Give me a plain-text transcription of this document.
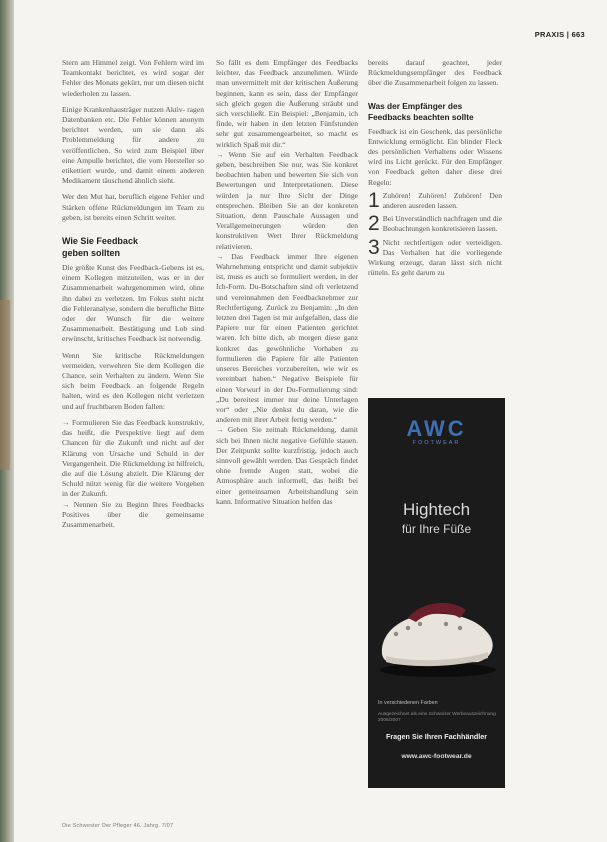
PRAXIS | 663

Stern am Himmel zeigt. Von Fehlern wird im Teamkontakt berichtet, es wird sogar der Fehler des Monats gekürt, nur um diesen nicht wiederholen zu lassen.

Einige Krankenhausträger nutzen Aktiv- ragen Datenbanken etc. Die Fehler können anonym berichtet werden, um sie dann als Problemmeldung für andere zu veröffentlichen. So wird zum Beispiel über eine Ampulle berichtet, die vom Hersteller so etikettiert wurde, und damit einem anderen Medikament täuschend ähnlich sieht.

Wer den Mut hat, beruflich eigene Fehler und Stärken offene Rückmeldungen im Team zu geben, ist bereits einen Schritt weiter.

Wie Sie Feedback
geben sollten

Die größte Kunst des Feedback-Gebens ist es, einem Kollegen mitzuteilen, was er in der Zusammenarbeit wahrgenommen wird, ohne ihn dabei zu verletzen. Im Fokus steht nicht die Fehleranalyse, sondern die berufliche Bitte oder der Wunsch für die weitere Zusammenarbeit. Bestätigung und Lob sind erwünscht, kritisches Feedback ist notwendig.

Wenn Sie kritische Rückmeldungen vermeiden, verwehren Sie dem Kollegen die Chance, sein Verhalten zu ändern. Wenn Sie sich beim Feedback an folgende Regeln halten, wird es den Kollegen nicht verletzen und auf fruchtbaren Boden fallen:

→ Formulieren Sie das Feedback konstruktiv, das heißt, die Perspektive liegt auf dem Chancen für die Zukunft und nicht auf der Klärung von Ursache und Schuld in der Vergangenheit. Die Rückmeldung ist hilfreich, die auf die Lösung abzielt. Die Klärung der Schuld nützt wenig für die weitere Vorgehen in der Zukunft.

→ Nennen Sie zu Beginn Ihres Feedbacks Positives über die gemeinsame Zusammenarbeit.

So fällt es dem Empfänger des Feedbacks leichter, das Feedback anzunehmen. Würde man unvermittelt mit der kritischen Äußerung beginnen, kann es sein, dass der Empfänger sich gleich gegen die Äußerung sträubt und sich verschließt. Ein Beispiel: „Benjamin, ich finde, wir haben in den letzten Fünfstunden sehr gut zusammengearbeitet, so macht es wirklich Spaß mit dir.“

→ Wenn Sie auf ein Verhalten Feedback geben, beschreiben Sie nur, was Sie konkret beobachten haben und bewerten Sie sich von Bewertungen und Interpretationen. Diese würden ja nur Ihre Sicht der Dinge entsprechen. Bleiben Sie an der konkreten Situation, denn Pauschale Aussagen und Verallgemeinerungen würden den konstruktiven Wert Ihrer Rückmeldung relativieren.

→ Das Feedback immer Ihre eigenen Wahrnehmung entspricht und damit subjektiv ist, muss es auch so formuliert werden, in der Ich-Form. Du-Botschaften sind oft verletzend und vereinnahmen den Feedbacknehmer zur Rechtfertigung. Zurück zu Benjamin: „In den letzten drei Tagen ist mir aufgefallen, dass die Papiere nur für einen Patienten gerichtet waren. Ich bitte dich, ab morgen diese ganz konkret das gewöhnliche Vorhaben zu formulieren die Papiere für alle Patienten unseres Bereiches vorzubereiten, wie wir es vereinbart haben.“ Negative Beispiele für einen Vorwurf in der Du-Formulierung sind: „Du bereitest immer nur deine Unterlagen vor“ oder „Nie denkst du daran, wie die anderen mit ihrer Arbeit fertig werden.“

→ Geben Sie zeitnah Rückmeldung, damit sich bei Ihnen nicht negative Gefühle stauen. Der Zeitpunkt sollte kurzfristig, jedoch auch sinnvoll gewählt werden. Das Gespräch findet ohne fremde Augen statt, wobei die Atmosphäre auch informell, das heißt bei einer gemeinsamen Arbeitshandlung sein kann. Informative Situation helfen das

bereits darauf geachtet, jeder Rückmeldungsempfänger des Feedback über die Zusammenarbeit folgen zu lassen.

Was der Empfänger des
Feedbacks beachten sollte

Feedback ist ein Geschenk, das persönliche Entwicklung ermöglicht. Ein blinder Fleck des persönlichen Verhaltens oder Wissens wird ins Licht gerückt. Für den Empfänger von Feedback gelten daher diese drei Regeln:

1 Zuhören! Zuhören! Zuhören! Den anderen ausreden lassen.
2 Bei Unverständlich nachfragen und die Beobachtungen konkretisieren lassen.
3 Nicht rechtfertigen oder verteidigen. Das Verhalten hat die vorliegende Wirkung erzeugt, daran lässt sich nicht rütteln. Es geht darum zu
AWC
FOOTWEAR
Hightech
für Ihre Füße
In verschiedenen Farben
Ausgezeichnet als eine Schweizer Werbeauszeichnung 2006/2007
Fragen Sie Ihren Fachhändler
www.awc-footwear.de
Die Schwester Der Pfleger 46. Jahrg. 7/07
